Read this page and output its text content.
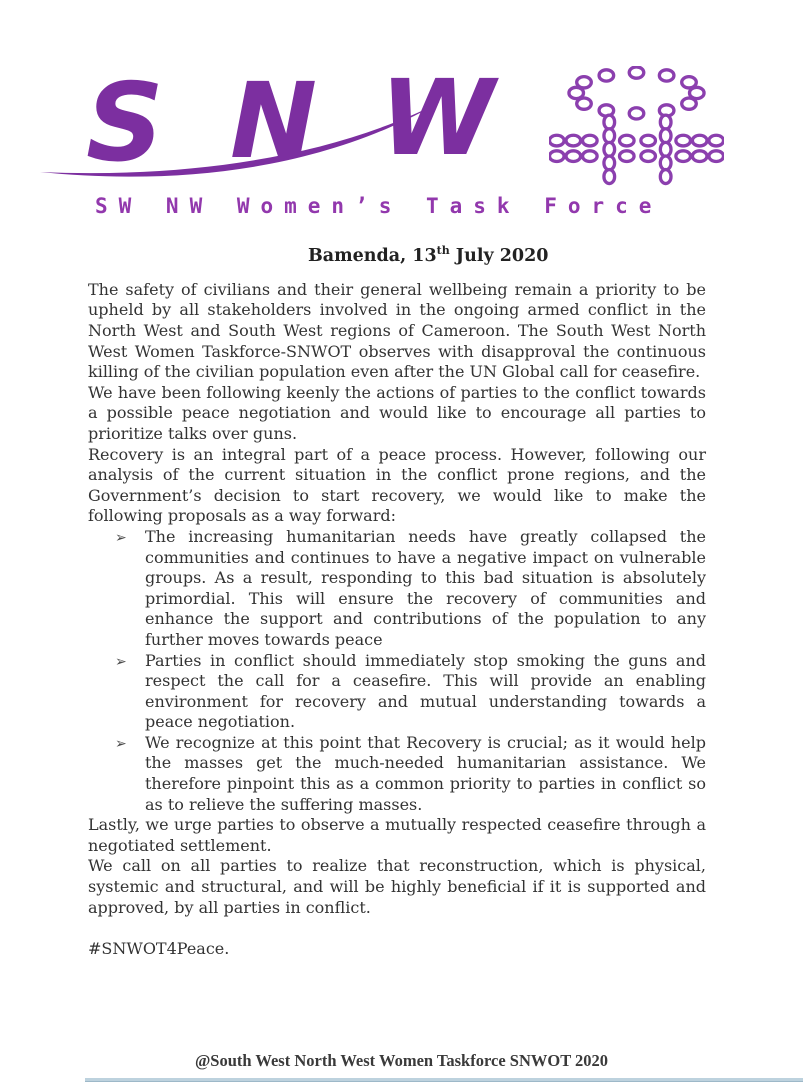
S N W
SW NW Women’s Task Force
Bamenda, 13th July 2020

The safety of civilians and their general wellbeing remain a priority to be upheld by all stakeholders involved in the ongoing armed conflict in the North West and South West regions of Cameroon. The South West North West Women Taskforce-SNWOT observes with disapproval the continuous killing of the civilian population even after the UN Global call for ceasefire.

We have been following keenly the actions of parties to the conflict towards a possible peace negotiation and would like to encourage all parties to prioritize talks over guns.

Recovery is an integral part of a peace process. However, following our analysis of the current situation in the conflict prone regions, and the Government’s decision to start recovery, we would like to make the following proposals as a way forward:

➢	The increasing humanitarian needs have greatly collapsed the communities and continues to have a negative impact on vulnerable groups. As a result, responding to this bad situation is absolutely primordial. This will ensure the recovery of communities and enhance the support and contributions of the population to any further moves towards peace
➢	Parties in conflict should immediately stop smoking the guns and respect the call for a ceasefire. This will provide an enabling environment for recovery and mutual understanding towards a peace negotiation.
➢	We recognize at this point that Recovery is crucial; as it would help the masses get the much-needed humanitarian assistance. We therefore pinpoint this as a common priority to parties in conflict so as to relieve the suffering masses.

Lastly, we urge parties to observe a mutually respected ceasefire through a negotiated settlement.

We call on all parties to realize that reconstruction, which is physical, systemic and structural, and will be highly beneficial if it is supported and approved, by all parties in conflict.

#SNWOT4Peace.

@South West North West Women Taskforce SNWOT 2020
